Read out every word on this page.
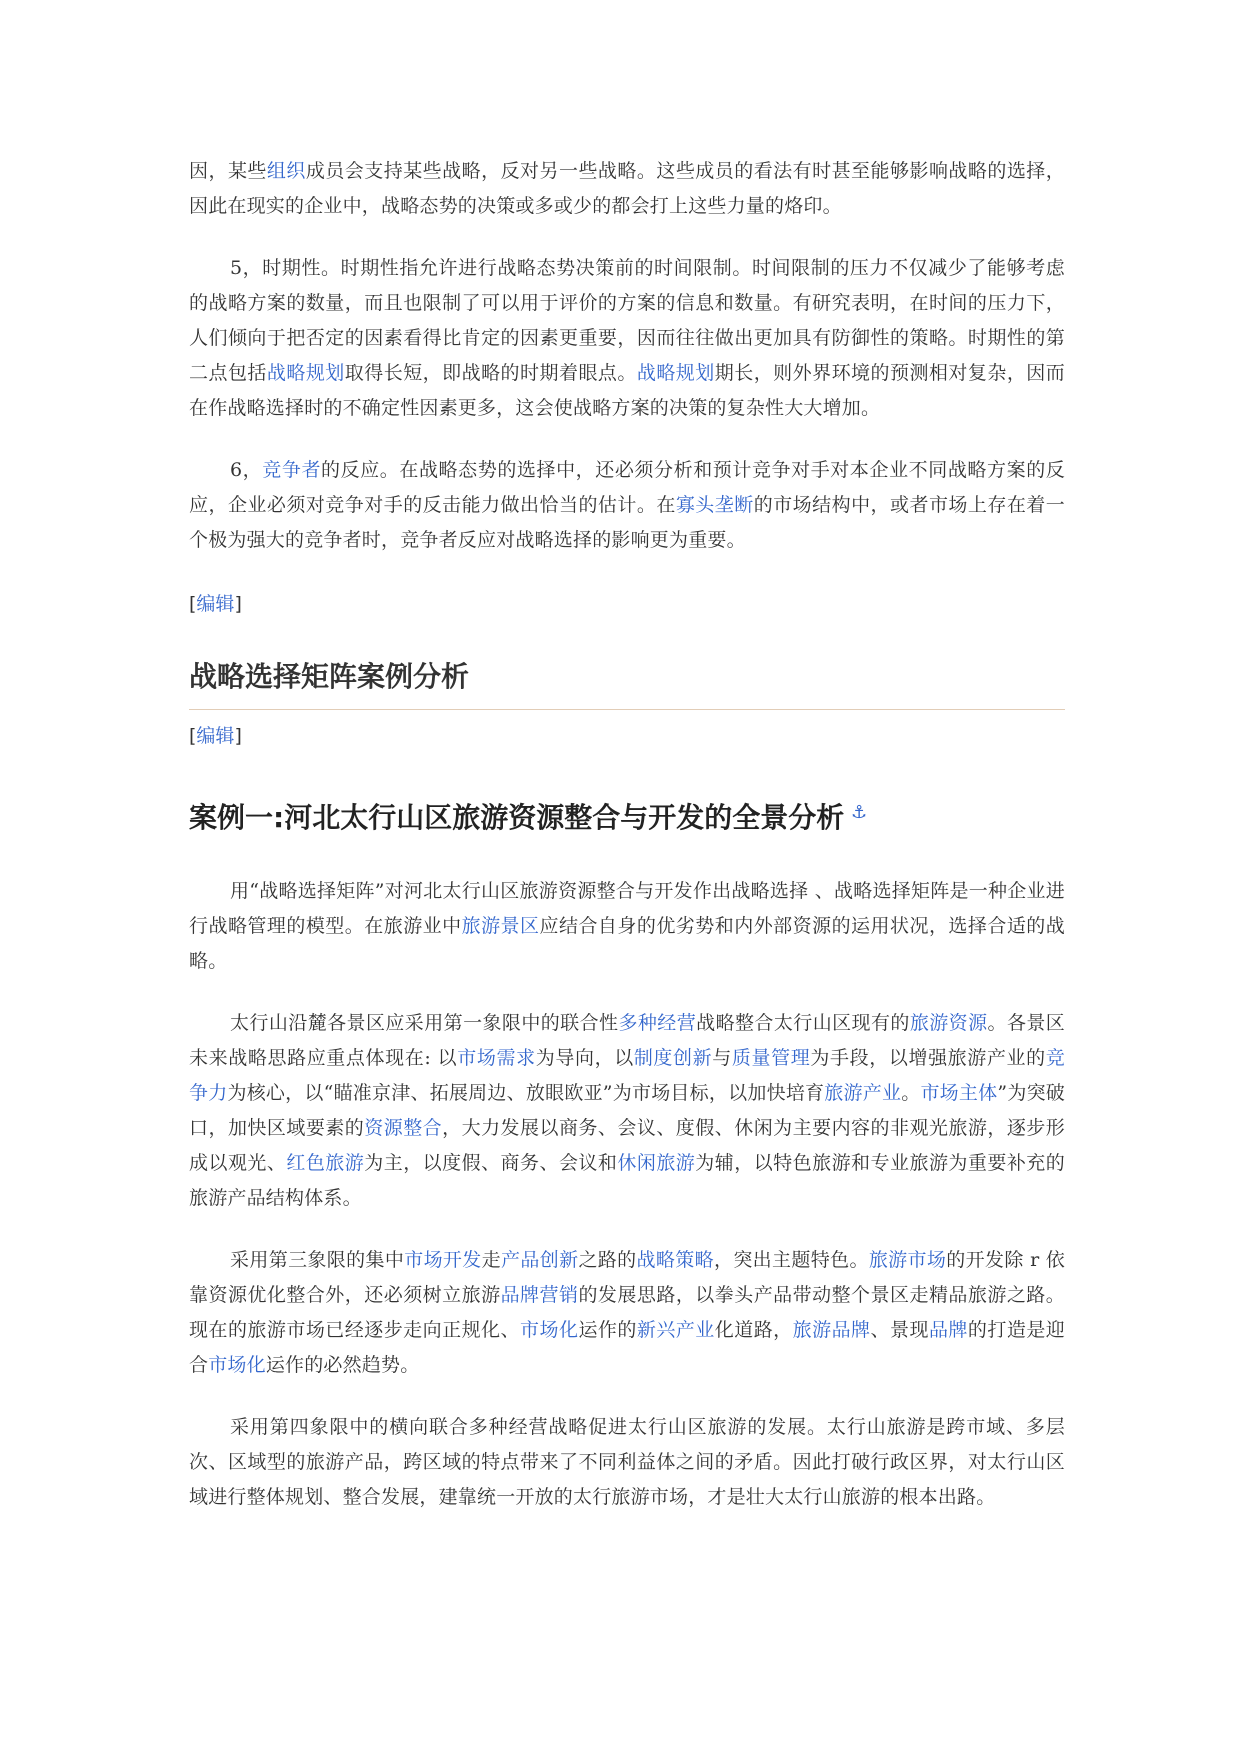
因，某些组织成员会支持某些战略，反对另一些战略。这些成员的看法有时甚至能够影响战略的选择，因此在现实的企业中，战略态势的决策或多或少的都会打上这些力量的烙印。

5，时期性。时期性指允许进行战略态势决策前的时间限制。时间限制的压力不仅减少了能够考虑的战略方案的数量，而且也限制了可以用于评价的方案的信息和数量。有研究表明，在时间的压力下，人们倾向于把否定的因素看得比肯定的因素更重要，因而往往做出更加具有防御性的策略。时期性的第二点包括战略规划取得长短，即战略的时期着眼点。战略规划期长，则外界环境的预测相对复杂，因而在作战略选择时的不确定性因素更多，这会使战略方案的决策的复杂性大大增加。

6，竞争者的反应。在战略态势的选择中，还必须分析和预计竞争对手对本企业不同战略方案的反应，企业必须对竞争对手的反击能力做出恰当的估计。在寡头垄断的市场结构中，或者市场上存在着一个极为强大的竞争者时，竞争者反应对战略选择的影响更为重要。

[编辑]
战略选择矩阵案例分析
[编辑]
案例一:河北太行山区旅游资源整合与开发的全景分析 ⚓

用“战略选择矩阵”对河北太行山区旅游资源整合与开发作出战略选择 、战略选择矩阵是一种企业进行战略管理的模型。在旅游业中旅游景区应结合自身的优劣势和内外部资源的运用状况，选择合适的战略。

太行山沿麓各景区应采用第一象限中的联合性多种经营战略整合太行山区现有的旅游资源。各景区未来战略思路应重点体现在: 以市场需求为导向，以制度创新与质量管理为手段，以增强旅游产业的竞争力为核心，以“瞄准京津、拓展周边、放眼欧亚”为市场目标，以加快培育旅游产业。市场主体”为突破口，加快区域要素的资源整合，大力发展以商务、会议、度假、休闲为主要内容的非观光旅游，逐步形成以观光、红色旅游为主，以度假、商务、会议和休闲旅游为辅，以特色旅游和专业旅游为重要补充的旅游产品结构体系。

采用第三象限的集中市场开发走产品创新之路的战略策略，突出主题特色。旅游市场的开发除 r 依靠资源优化整合外，还必须树立旅游品牌营销的发展思路，以拳头产品带动整个景区走精品旅游之路。现在的旅游市场已经逐步走向正规化、市场化运作的新兴产业化道路，旅游品牌、景现品牌的打造是迎合市场化运作的必然趋势。

采用第四象限中的横向联合多种经营战略促进太行山区旅游的发展。太行山旅游是跨市域、多层次、区域型的旅游产品，跨区域的特点带来了不同利益体之间的矛盾。因此打破行政区界，对太行山区域进行整体规划、整合发展，建靠统一开放的太行旅游市场，才是壮大太行山旅游的根本出路。
